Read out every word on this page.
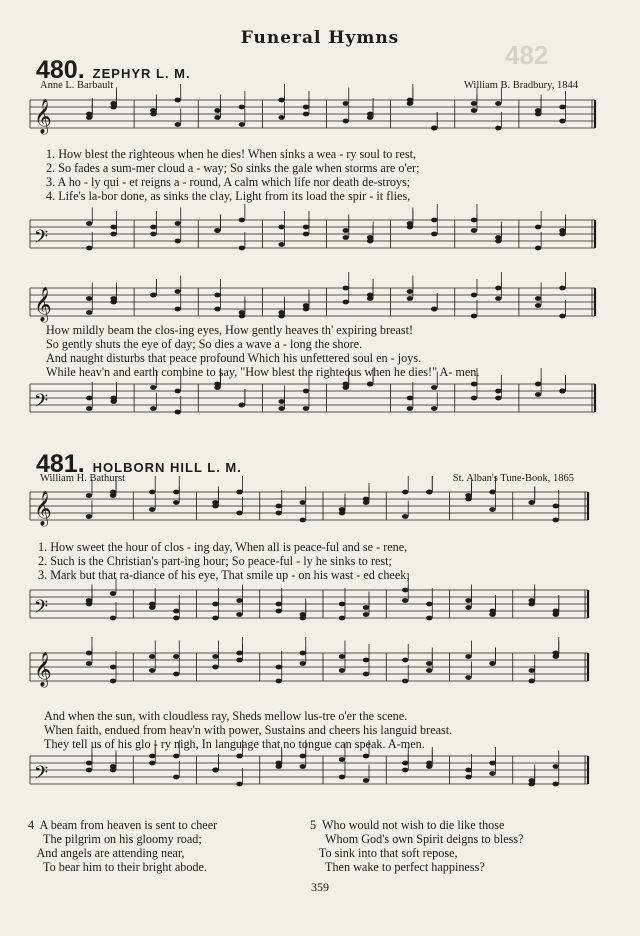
482
Funeral Hymns
480. ZEPHYR L. M.
Anne L. Barbault	William B. Bradbury, 1844
481. HOLBORN HILL L. M.
William H. Bathurst	St. Alban's Tune-Book, 1865
𝄞
𝄢
𝄞
𝄢
𝄞
𝄢
𝄞
𝄢
1. How blest the righteous when he dies! When sinks a wea - ry soul to rest,
2. So fades a sum-mer cloud a - way; So sinks the gale when storms are o'er;
3. A ho - ly qui - et reigns a - round, A calm which life nor death de-stroys;
4. Life's la-bor done, as sinks the clay, Light from its load the spir - it flies,
How mildly beam the clos-ing eyes, How gently heaves th' expiring breast!
So gently shuts the eye of day; So dies a wave a - long the shore.
And naught disturbs that peace profound Which his unfettered soul en - joys.
While heav'n and earth combine to say, "How blest the righteous when he dies!" A- men.
1. How sweet the hour of clos - ing day, When all is peace-ful and se - rene,
2. Such is the Christian's part-ing hour; So peace-ful - ly he sinks to rest;
3. Mark but that ra-diance of his eye, That smile up - on his wast - ed cheek;
And when the sun, with cloudless ray, Sheds mellow lus-tre o'er the scene.
When faith, endued from heav'n with power, Sustains and cheers his languid breast.
They tell us of his glo - ry nigh, In language that no tongue can speak. A-men.
4  A beam from heaven is sent to cheer
The pilgrim on his gloomy road;
And angels are attending near,
To bear him to their bright abode.
5  Who would not wish to die like those
Whom God's own Spirit deigns to bless?
To sink into that soft repose,
Then wake to perfect happiness?
359
